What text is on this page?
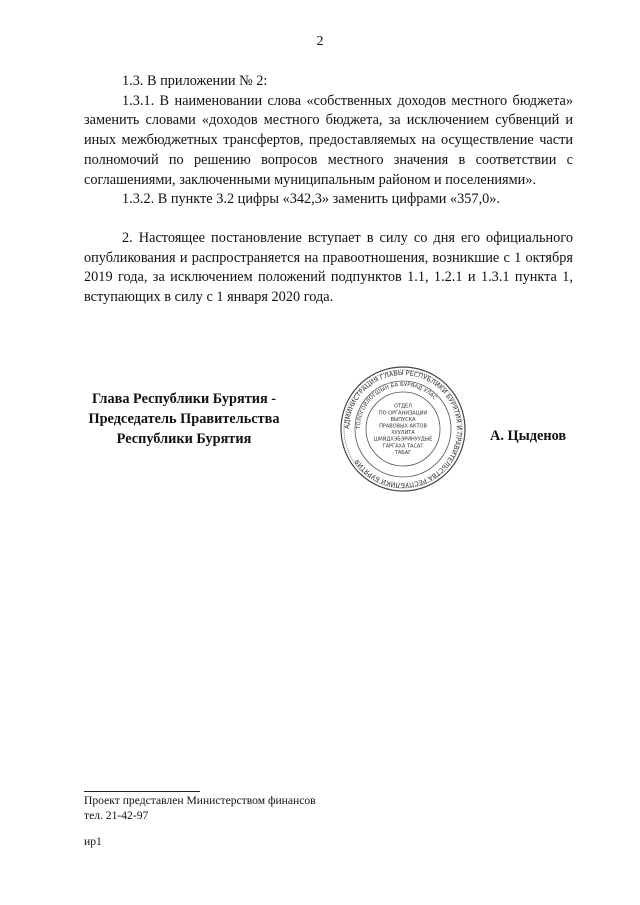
2

1.3. В приложении № 2:

1.3.1. В наименовании слова «собственных доходов местного бюджета» заменить словами «доходов местного бюджета, за исключением субвенций и иных межбюджетных трансфертов, предоставляемых на осуществление части полномочий по решению вопросов местного значения в соответствии с соглашениями, заключенными муниципальным районом и поселениями».

1.3.2. В пункте 3.2 цифры «342,3» заменить цифрами «357,0».

2. Настоящее постановление вступает в силу со дня его официального опубликования и распространяется на правоотношения, возникшие с 1 октября 2019 года, за исключением положений подпунктов 1.1, 1.2.1 и 1.3.1 пункта 1, вступающих в силу с 1 января 2020 года.

Глава Республики Бурятия -
Председатель Правительства
Республики Бурятия
АДМИНИСТРАЦИЯ ГЛАВЫ РЕСПУБЛИКИ БУРЯТИЯ И ПРАВИТЕЛЬСТВА РЕСПУБЛИКИ БУРЯТИЯ
ТОЛОГОЙЛОГШЫН БА БУРЯАД УЛАС
ОТДЕЛ
ПО ОРГАНИЗАЦИИ
ВЫПУСКА
ПРАВОВЫХ АКТОВ
ХУУЛИТА
ШИЙДХЭБЭРИНУУДЫЕ
ГАРГАХА ТАСАГ
ТАБАГ
А. Цыденов
Проект представлен Министерством финансов
тел. 21-42-97
ир1
